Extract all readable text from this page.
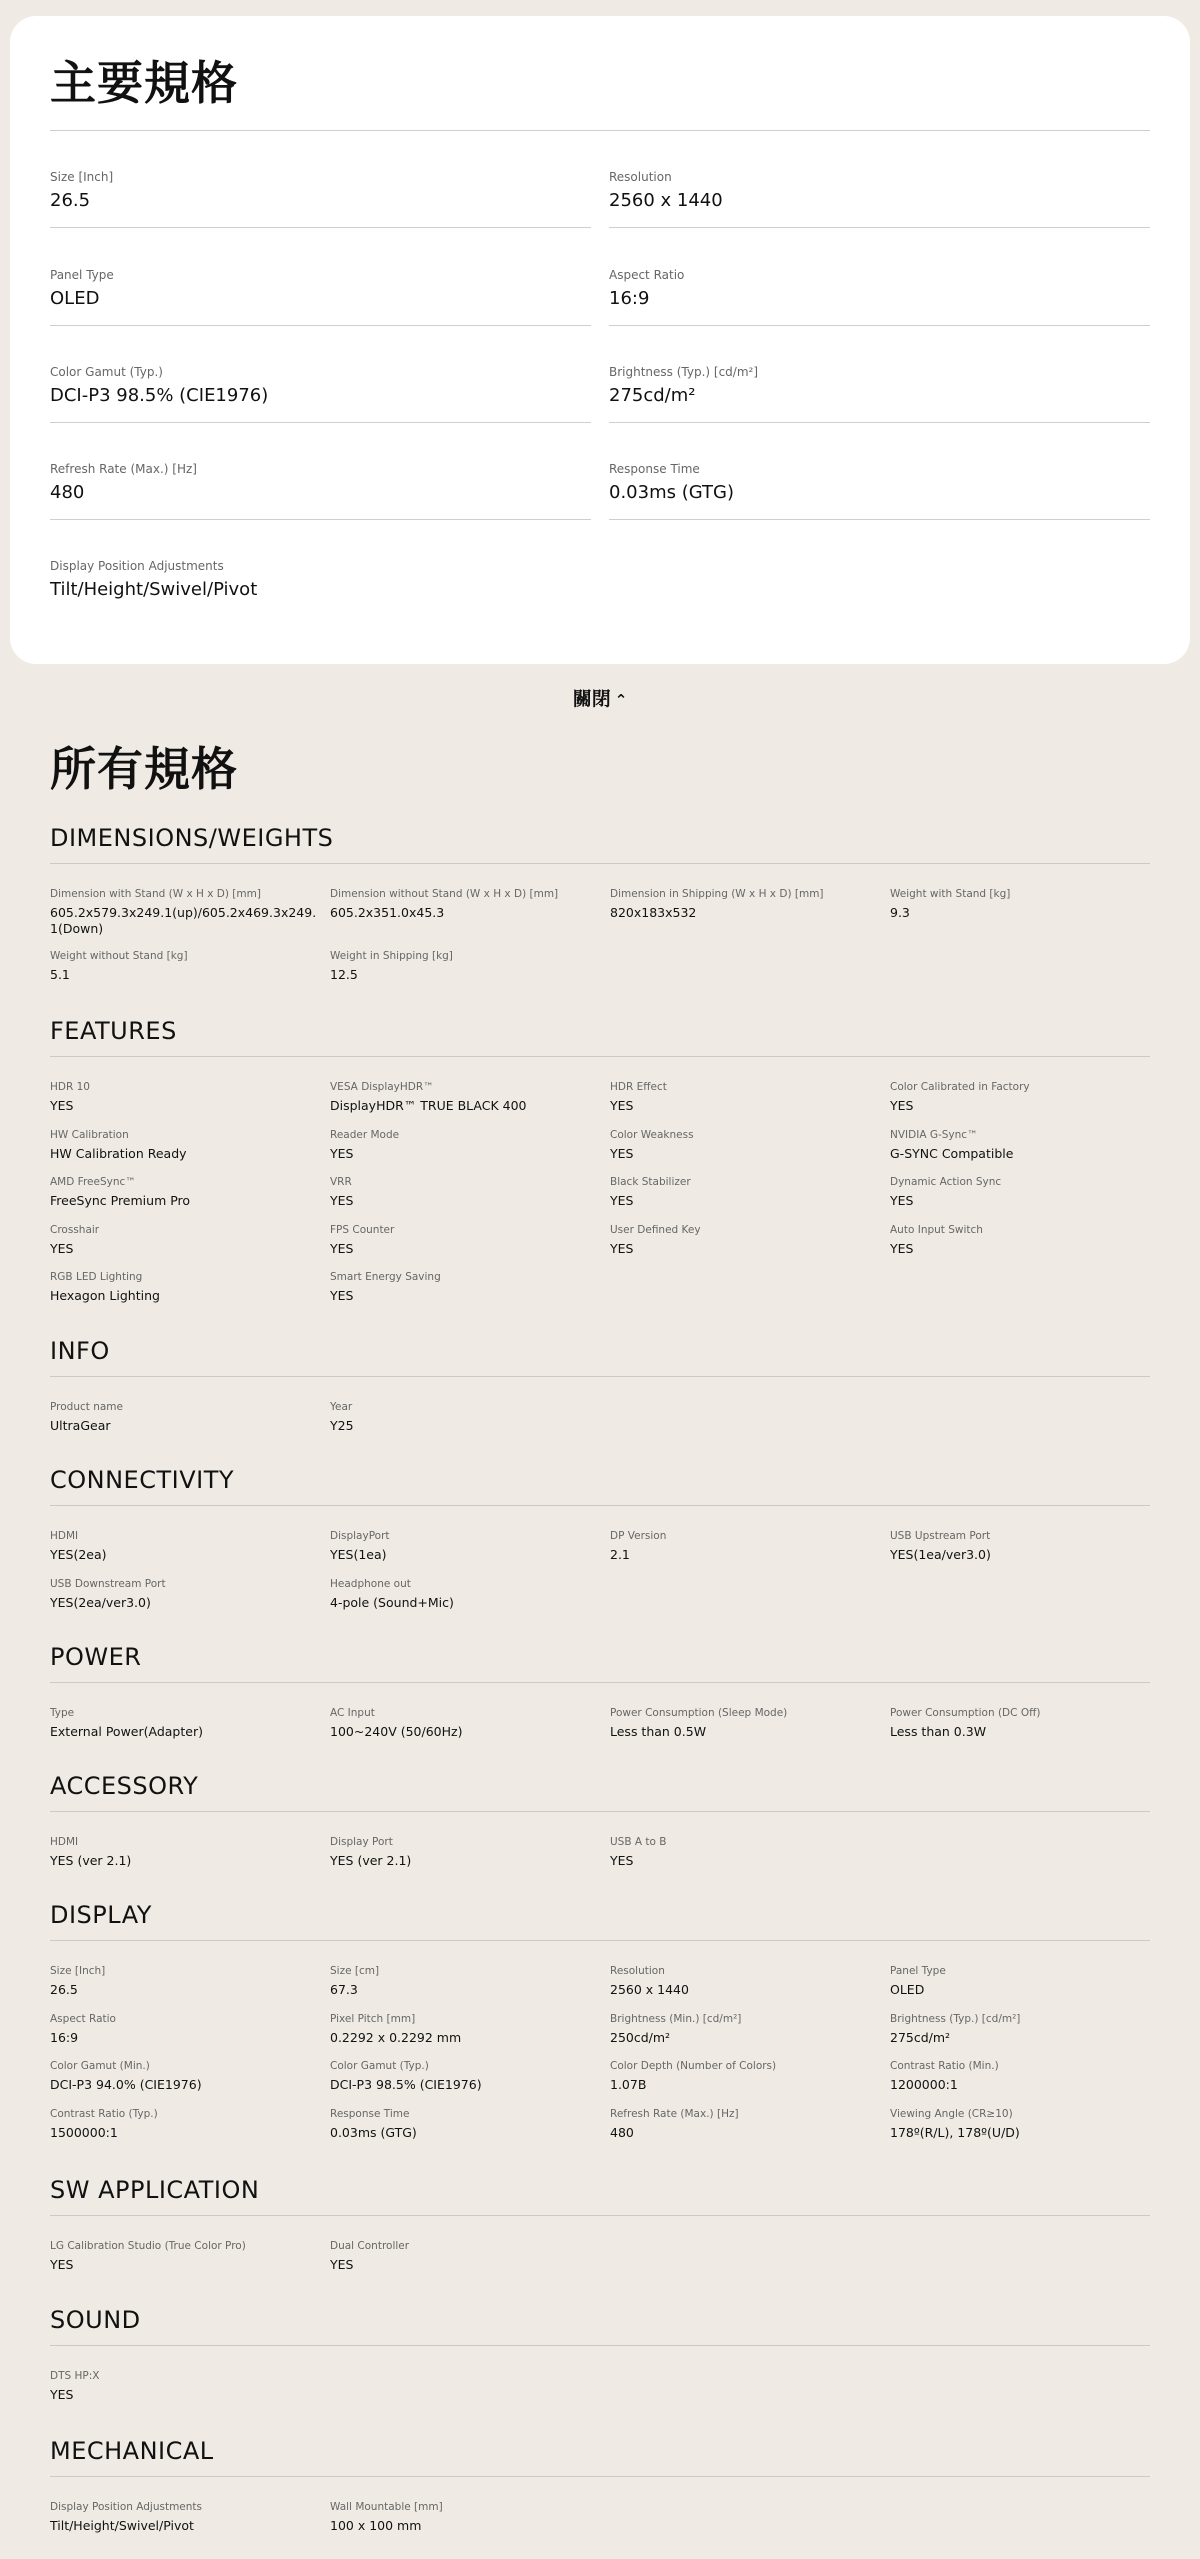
主要規格
Size [Inch]
26.5
Resolution
2560 x 1440
Panel Type
OLED
Aspect Ratio
16:9
Color Gamut (Typ.)
DCI-P3 98.5% (CIE1976)
Brightness (Typ.) [cd/m²]
275cd/m²
Refresh Rate (Max.) [Hz]
480
Response Time
0.03ms (GTG)
Display Position Adjustments
Tilt/Height/Swivel/Pivot
關閉 ⌃
所有規格
DIMENSIONS/WEIGHTS
Dimension with Stand (W x H x D) [mm]
605.2x579.3x249.1(up)/605.2x469.3x249.1(Down)
Dimension without Stand (W x H x D) [mm]
605.2x351.0x45.3
Dimension in Shipping (W x H x D) [mm]
820x183x532
Weight with Stand [kg]
9.3
Weight without Stand [kg]
5.1
Weight in Shipping [kg]
12.5
FEATURES
HDR 10
YES
VESA DisplayHDR™
DisplayHDR™ TRUE BLACK 400
HDR Effect
YES
Color Calibrated in Factory
YES
HW Calibration
HW Calibration Ready
Reader Mode
YES
Color Weakness
YES
NVIDIA G-Sync™
G-SYNC Compatible
AMD FreeSync™
FreeSync Premium Pro
VRR
YES
Black Stabilizer
YES
Dynamic Action Sync
YES
Crosshair
YES
FPS Counter
YES
User Defined Key
YES
Auto Input Switch
YES
RGB LED Lighting
Hexagon Lighting
Smart Energy Saving
YES
INFO
Product name
UltraGear
Year
Y25
CONNECTIVITY
HDMI
YES(2ea)
DisplayPort
YES(1ea)
DP Version
2.1
USB Upstream Port
YES(1ea/ver3.0)
USB Downstream Port
YES(2ea/ver3.0)
Headphone out
4-pole (Sound+Mic)
POWER
Type
External Power(Adapter)
AC Input
100~240V (50/60Hz)
Power Consumption (Sleep Mode)
Less than 0.5W
Power Consumption (DC Off)
Less than 0.3W
ACCESSORY
HDMI
YES (ver 2.1)
Display Port
YES (ver 2.1)
USB A to B
YES
DISPLAY
Size [Inch]
26.5
Size [cm]
67.3
Resolution
2560 x 1440
Panel Type
OLED
Aspect Ratio
16:9
Pixel Pitch [mm]
0.2292 x 0.2292 mm
Brightness (Min.) [cd/m²]
250cd/m²
Brightness (Typ.) [cd/m²]
275cd/m²
Color Gamut (Min.)
DCI-P3 94.0% (CIE1976)
Color Gamut (Typ.)
DCI-P3 98.5% (CIE1976)
Color Depth (Number of Colors)
1.07B
Contrast Ratio (Min.)
1200000:1
Contrast Ratio (Typ.)
1500000:1
Response Time
0.03ms (GTG)
Refresh Rate (Max.) [Hz]
480
Viewing Angle (CR≥10)
178º(R/L), 178º(U/D)
SW APPLICATION
LG Calibration Studio (True Color Pro)
YES
Dual Controller
YES
SOUND
DTS HP:X
YES
MECHANICAL
Display Position Adjustments
Tilt/Height/Swivel/Pivot
Wall Mountable [mm]
100 x 100 mm
